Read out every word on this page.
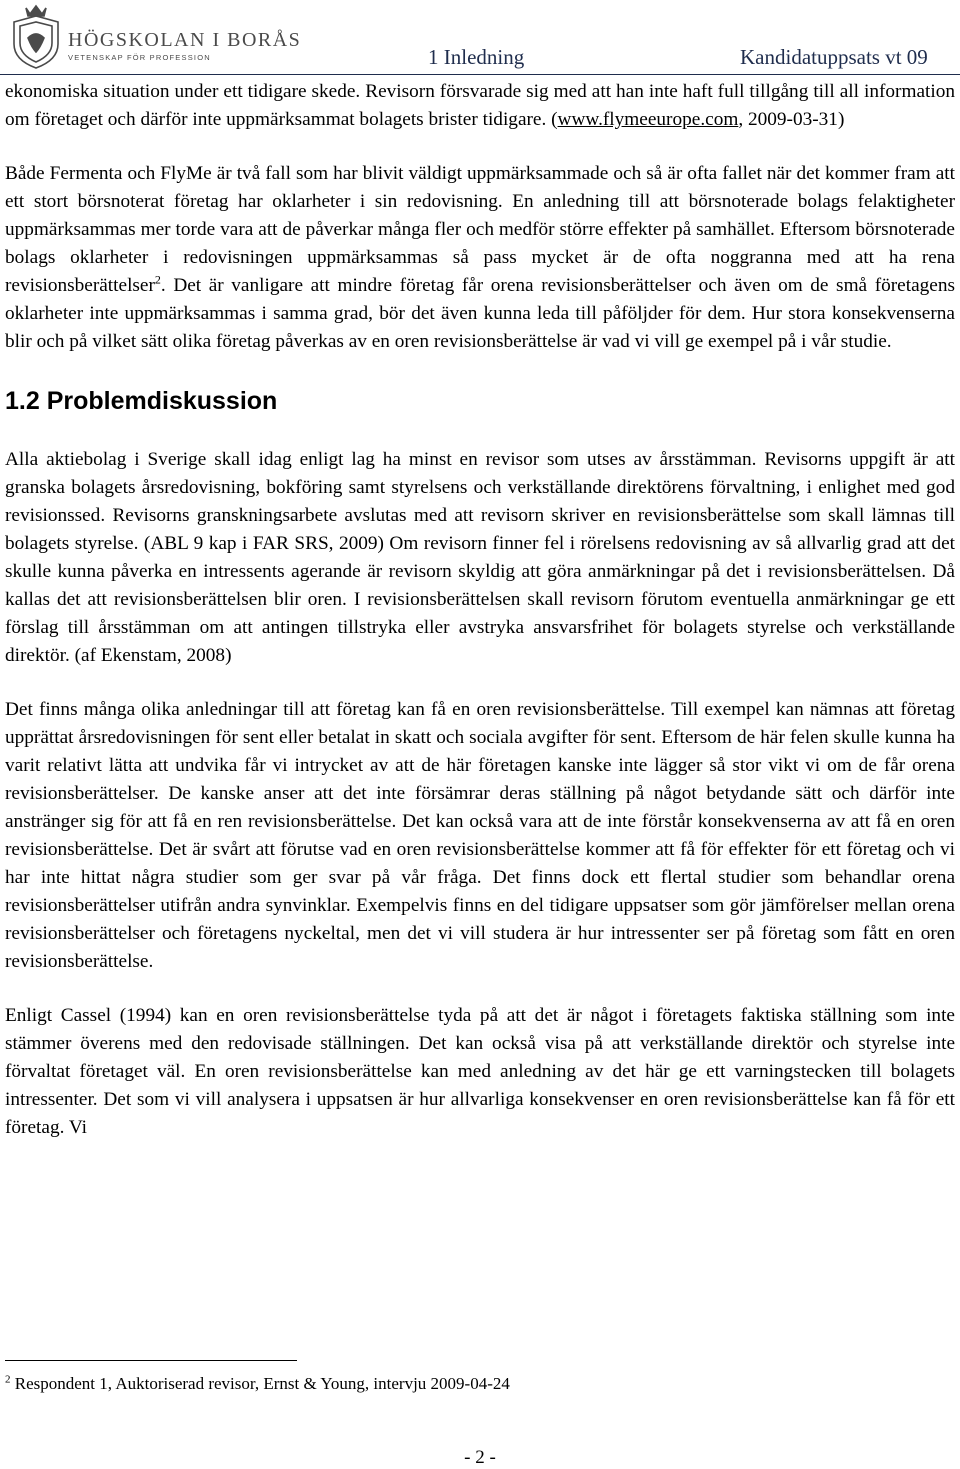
HÖGSKOLAN I BORÅS
VETENSKAP FÖR PROFESSION	1 Inledning	Kandidatuppsats vt 09

ekonomiska situation under ett tidigare skede. Revisorn försvarade sig med att han inte haft full tillgång till all information om företaget och därför inte uppmärksammat bolagets brister tidigare. (www.flymeeurope.com, 2009-03-31)

Både Fermenta och FlyMe är två fall som har blivit väldigt uppmärksammade och så är ofta fallet när det kommer fram att ett stort börsnoterat företag har oklarheter i sin redovisning. En anledning till att börsnoterade bolags felaktigheter uppmärksammas mer torde vara att de påverkar många fler och medför större effekter på samhället. Eftersom börsnoterade bolags oklarheter i redovisningen uppmärksammas så pass mycket är de ofta noggranna med att ha rena revisionsberättelser$^2$. Det är vanligare att mindre företag får orena revisionsberättelser och även om de små företagens oklarheter inte uppmärksammas i samma grad, bör det även kunna leda till påföljder för dem. Hur stora konsekvenserna blir och på vilket sätt olika företag påverkas av en oren revisionsberättelse är vad vi vill ge exempel på i vår studie.

1.2 Problemdiskussion

Alla aktiebolag i Sverige skall idag enligt lag ha minst en revisor som utses av årsstämman. Revisorns uppgift är att granska bolagets årsredovisning, bokföring samt styrelsens och verkställande direktörens förvaltning, i enlighet med god revisionssed. Revisorns granskningsarbete avslutas med att revisorn skriver en revisionsberättelse som skall lämnas till bolagets styrelse. (ABL 9 kap i FAR SRS, 2009) Om revisorn finner fel i rörelsens redovisning av så allvarlig grad att det skulle kunna påverka en intressents agerande är revisorn skyldig att göra anmärkningar på det i revisionsberättelsen. Då kallas det att revisionsberättelsen blir oren. I revisionsberättelsen skall revisorn förutom eventuella anmärkningar ge ett förslag till årsstämman om att antingen tillstryka eller avstryka ansvarsfrihet för bolagets styrelse och verkställande direktör. (af Ekenstam, 2008)

Det finns många olika anledningar till att företag kan få en oren revisionsberättelse. Till exempel kan nämnas att företag upprättat årsredovisningen för sent eller betalat in skatt och sociala avgifter för sent. Eftersom de här felen skulle kunna ha varit relativt lätta att undvika får vi intrycket av att de här företagen kanske inte lägger så stor vikt vi om de får orena revisionsberättelser. De kanske anser att det inte försämrar deras ställning på något betydande sätt och därför inte anstränger sig för att få en ren revisionsberättelse. Det kan också vara att de inte förstår konsekvenserna av att få en oren revisionsberättelse. Det är svårt att förutse vad en oren revisionsberättelse kommer att få för effekter för ett företag och vi har inte hittat några studier som ger svar på vår fråga. Det finns dock ett flertal studier som behandlar orena revisionsberättelser utifrån andra synvinklar. Exempelvis finns en del tidigare uppsatser som gör jämförelser mellan orena revisionsberättelser och företagens nyckeltal, men det vi vill studera är hur intressenter ser på företag som fått en oren revisionsberättelse.

Enligt Cassel (1994) kan en oren revisionsberättelse tyda på att det är något i företagets faktiska ställning som inte stämmer överens med den redovisade ställningen. Det kan också visa på att verkställande direktör och styrelse inte förvaltat företaget väl. En oren revisionsberättelse kan med anledning av det här ge ett varningstecken till bolagets intressenter. Det som vi vill analysera i uppsatsen är hur allvarliga konsekvenser en oren revisionsberättelse kan få för ett företag. Vi

$^2$ Respondent 1, Auktoriserad revisor, Ernst & Young, intervju 2009-04-24
- 2 -
